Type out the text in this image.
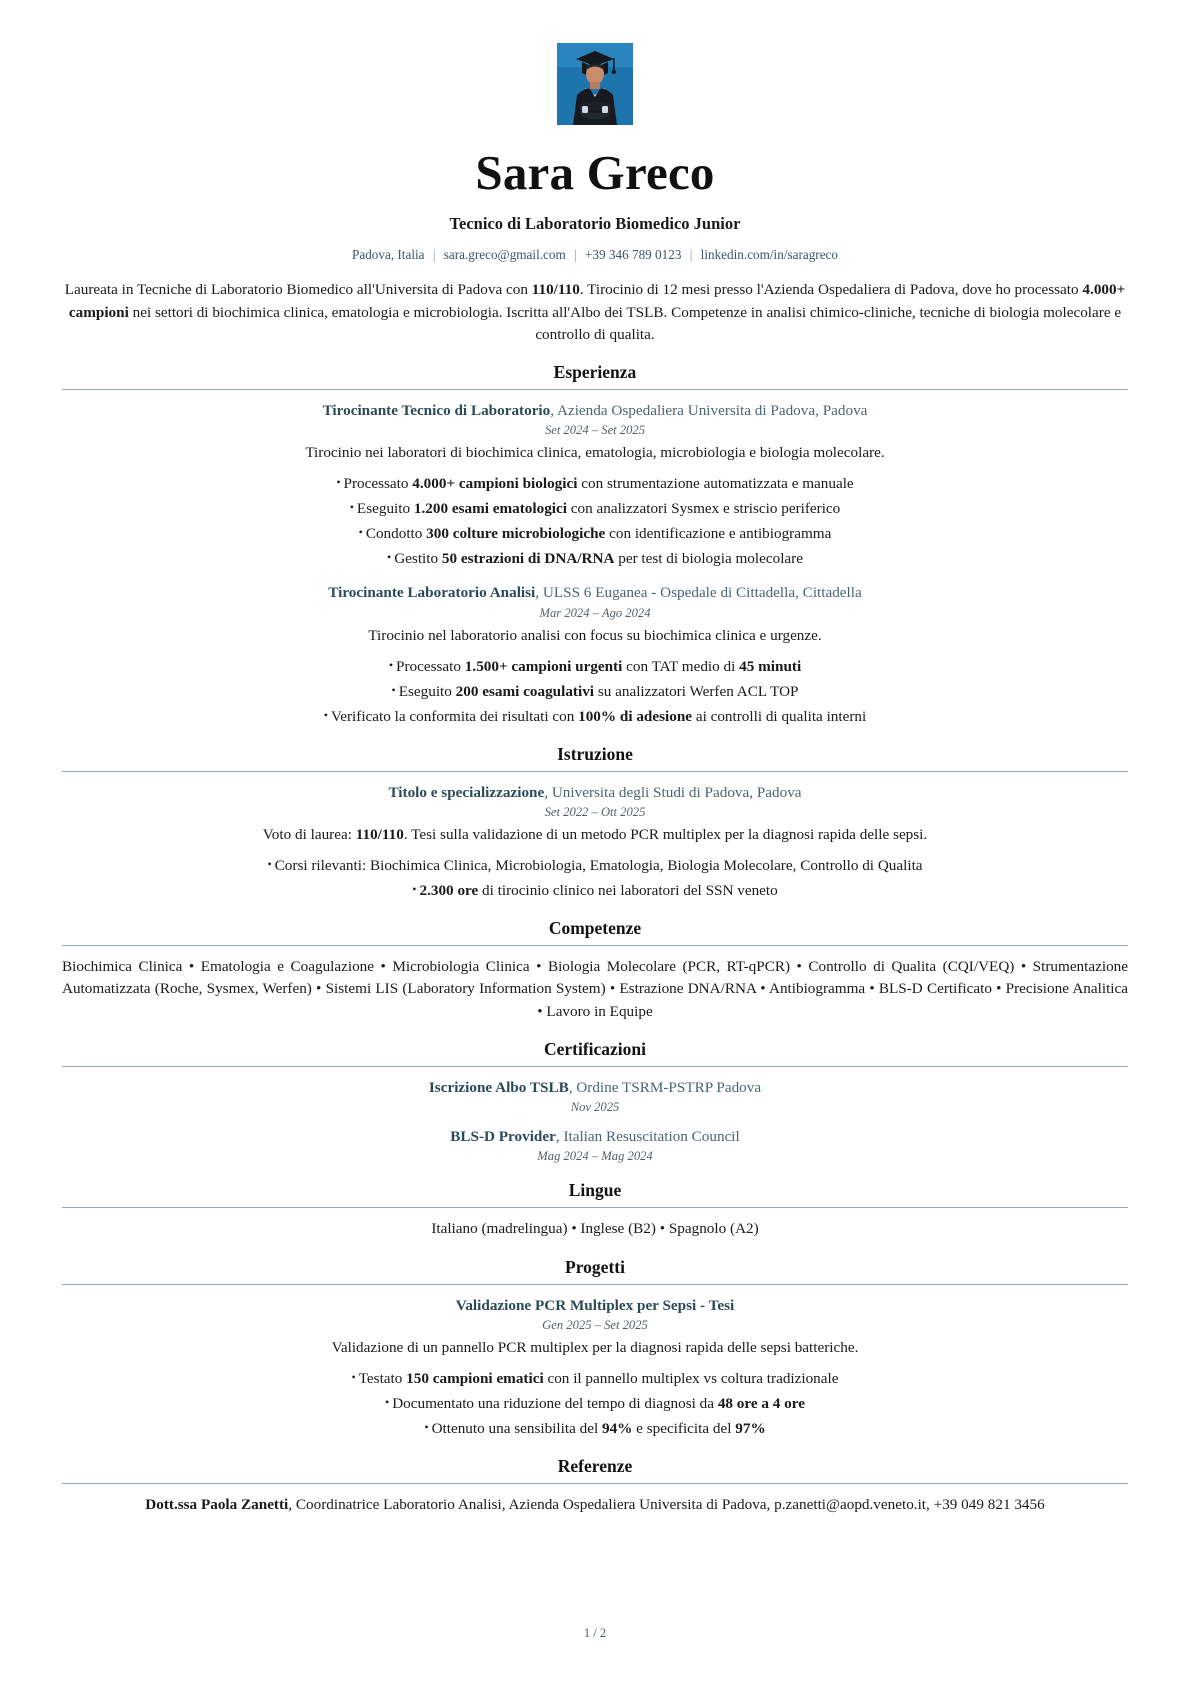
Sara Greco
Tecnico di Laboratorio Biomedico Junior
Padova, Italia | sara.greco@gmail.com | +39 346 789 0123 | linkedin.com/in/saragreco
Laureata in Tecniche di Laboratorio Biomedico all'Universita di Padova con 110/110. Tirocinio di 12 mesi presso l'Azienda Ospedaliera di Padova, dove ho processato 4.000+ campioni nei settori di biochimica clinica, ematologia e microbiologia. Iscritta all'Albo dei TSLB. Competenze in analisi chimico-cliniche, tecniche di biologia molecolare e controllo di qualita.
Esperienza
Tirocinante Tecnico di Laboratorio, Azienda Ospedaliera Universita di Padova, Padova
Set 2024 – Set 2025
Tirocinio nei laboratori di biochimica clinica, ematologia, microbiologia e biologia molecolare.
• Processato 4.000+ campioni biologici con strumentazione automatizzata e manuale
• Eseguito 1.200 esami ematologici con analizzatori Sysmex e striscio periferico
• Condotto 300 colture microbiologiche con identificazione e antibiogramma
• Gestito 50 estrazioni di DNA/RNA per test di biologia molecolare
Tirocinante Laboratorio Analisi, ULSS 6 Euganea - Ospedale di Cittadella, Cittadella
Mar 2024 – Ago 2024
Tirocinio nel laboratorio analisi con focus su biochimica clinica e urgenze.
• Processato 1.500+ campioni urgenti con TAT medio di 45 minuti
• Eseguito 200 esami coagulativi su analizzatori Werfen ACL TOP
• Verificato la conformita dei risultati con 100% di adesione ai controlli di qualita interni
Istruzione
Titolo e specializzazione, Universita degli Studi di Padova, Padova
Set 2022 – Ott 2025
Voto di laurea: 110/110. Tesi sulla validazione di un metodo PCR multiplex per la diagnosi rapida delle sepsi.
• Corsi rilevanti: Biochimica Clinica, Microbiologia, Ematologia, Biologia Molecolare, Controllo di Qualita
• 2.300 ore di tirocinio clinico nei laboratori del SSN veneto
Competenze
Biochimica Clinica • Ematologia e Coagulazione • Microbiologia Clinica • Biologia Molecolare (PCR, RT-qPCR) • Controllo di Qualita (CQI/VEQ) • Strumentazione Automatizzata (Roche, Sysmex, Werfen) • Sistemi LIS (Laboratory Information System) • Estrazione DNA/RNA • Antibiogramma • BLS-D Certificato • Precisione Analitica • Lavoro in Equipe
Certificazioni
Iscrizione Albo TSLB, Ordine TSRM-PSTRP Padova
Nov 2025
BLS-D Provider, Italian Resuscitation Council
Mag 2024 – Mag 2024
Lingue
Italiano (madrelingua) • Inglese (B2) • Spagnolo (A2)
Progetti
Validazione PCR Multiplex per Sepsi - Tesi
Gen 2025 – Set 2025
Validazione di un pannello PCR multiplex per la diagnosi rapida delle sepsi batteriche.
• Testato 150 campioni ematici con il pannello multiplex vs coltura tradizionale
• Documentato una riduzione del tempo di diagnosi da 48 ore a 4 ore
• Ottenuto una sensibilita del 94% e specificita del 97%
Referenze
Dott.ssa Paola Zanetti, Coordinatrice Laboratorio Analisi, Azienda Ospedaliera Universita di Padova, p.zanetti@aopd.veneto.it, +39 049 821 3456
1 / 2
